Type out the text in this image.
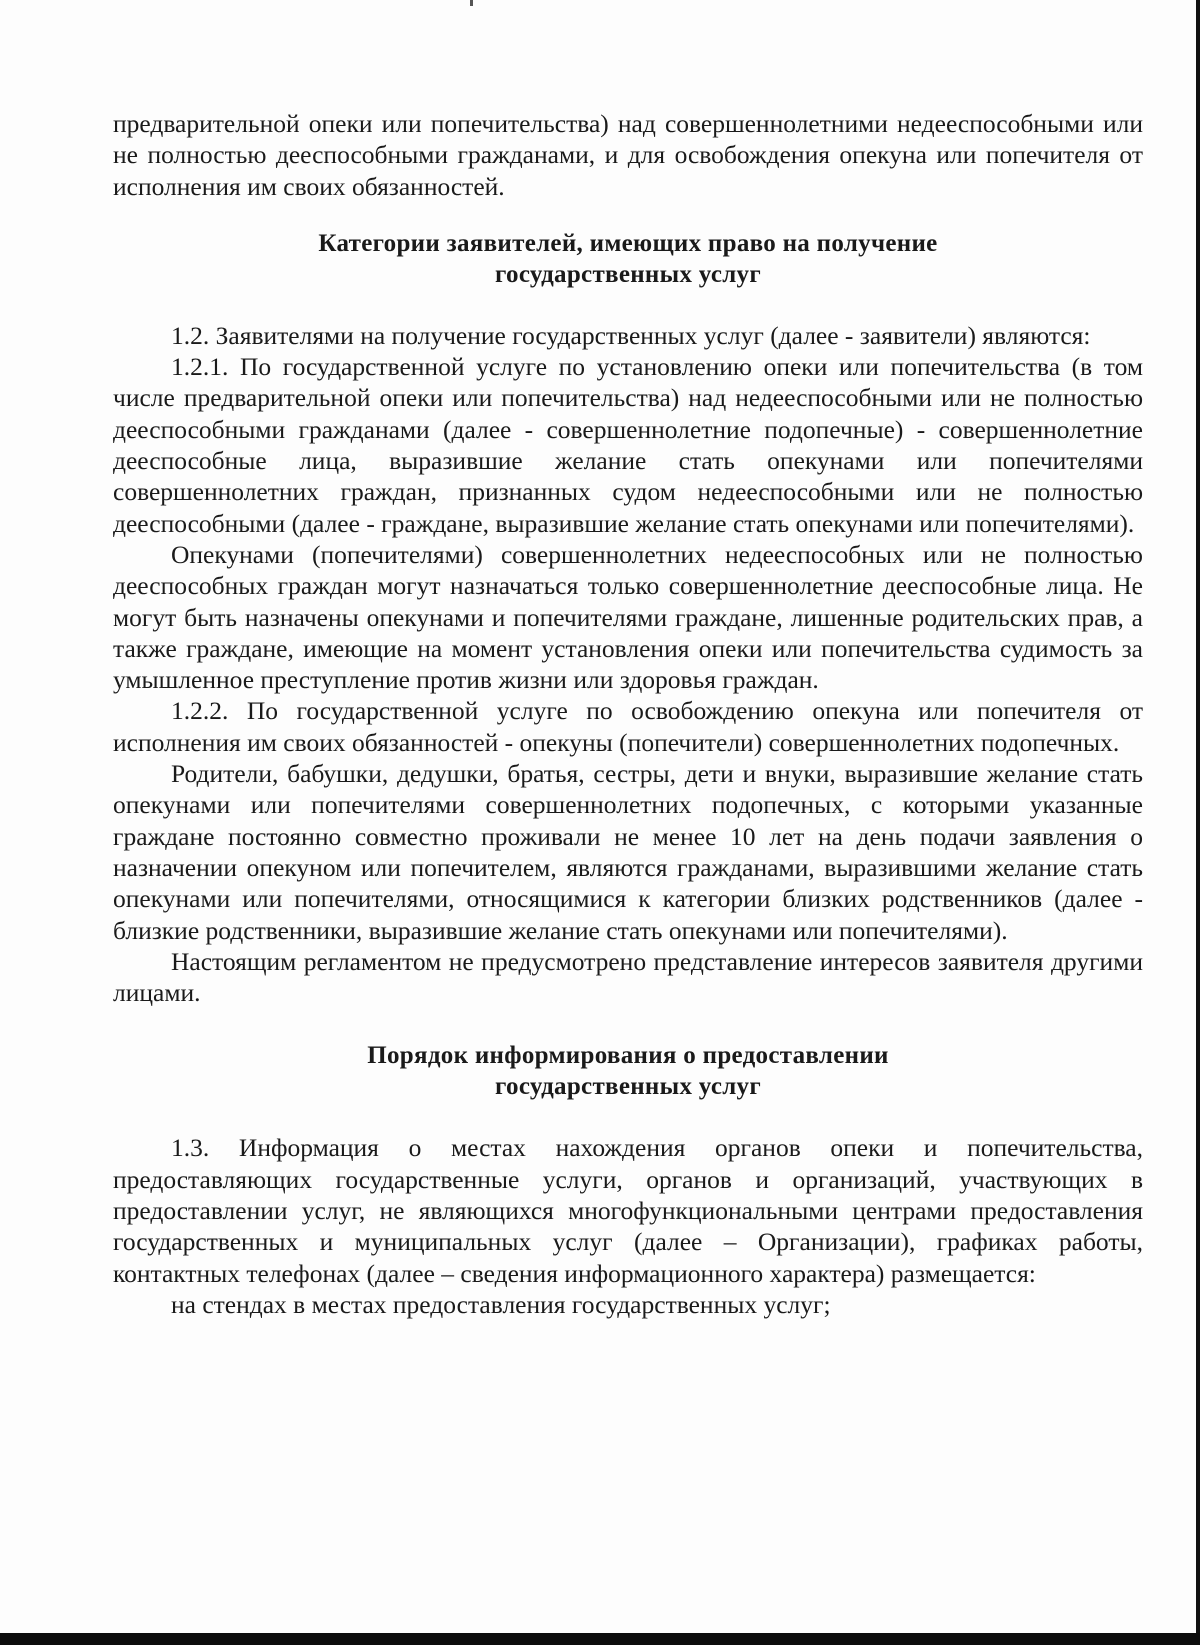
предварительной опеки или попечительства) над совершеннолетними недееспособными или не полностью дееспособными гражданами, и для освобождения опекуна или попечителя от исполнения им своих обязанностей.

Категории заявителей, имеющих право на получение
государственных услуг

1.2. Заявителями на получение государственных услуг (далее - заявители) являются:

1.2.1. По государственной услуге по установлению опеки или попечительства (в том числе предварительной опеки или попечительства) над недееспособными или не полностью дееспособными гражданами (далее - совершеннолетние подопечные) - совершеннолетние дееспособные лица, выразившие желание стать опекунами или попечителями совершеннолетних граждан, признанных судом недееспособными или не полностью дееспособными (далее - граждане, выразившие желание стать опекунами или попечителями).

Опекунами (попечителями) совершеннолетних недееспособных или не полностью дееспособных граждан могут назначаться только совершеннолетние дееспособные лица. Не могут быть назначены опекунами и попечителями граждане, лишенные родительских прав, а также граждане, имеющие на момент установления опеки или попечительства судимость за умышленное преступление против жизни или здоровья граждан.

1.2.2. По государственной услуге по освобождению опекуна или попечителя от исполнения им своих обязанностей - опекуны (попечители) совершеннолетних подопечных.

Родители, бабушки, дедушки, братья, сестры, дети и внуки, выразившие желание стать опекунами или попечителями совершеннолетних подопечных, с которыми указанные граждане постоянно совместно проживали не менее 10 лет на день подачи заявления о назначении опекуном или попечителем, являются гражданами, выразившими желание стать опекунами или попечителями, относящимися к категории близких родственников (далее - близкие родственники, выразившие желание стать опекунами или попечителями).

Настоящим регламентом не предусмотрено представление интересов заявителя другими лицами.

Порядок информирования о предоставлении
государственных услуг

1.3. Информация о местах нахождения органов опеки и попечительства, предоставляющих государственные услуги, органов и организаций, участвующих в предоставлении услуг, не являющихся многофункциональными центрами предоставления государственных и муниципальных услуг (далее – Организации), графиках работы, контактных телефонах (далее – сведения информационного характера) размещается:

на стендах в местах предоставления государственных услуг;
